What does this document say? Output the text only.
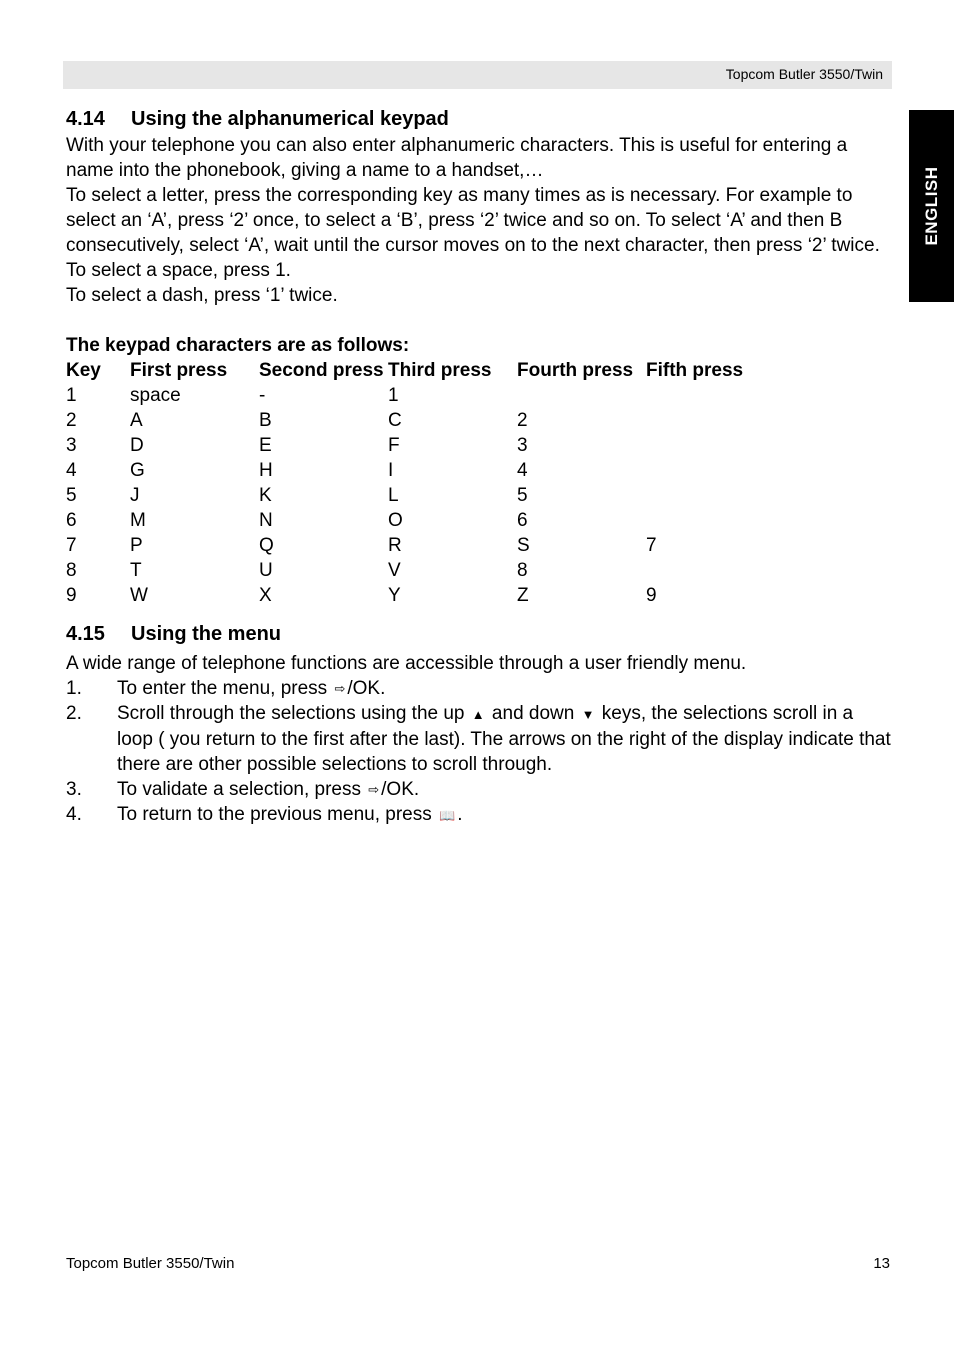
Topcom Butler 3550/Twin
ENGLISH
4.14 Using the alphanumerical keypad

With your telephone you can also enter alphanumeric characters. This is useful for entering a name into the phonebook, giving a name to a handset,…

To select a letter, press the corresponding key as many times as is necessary. For example to select an ‘A’, press ‘2’ once, to select a ‘B’, press ‘2’ twice and so on. To select ‘A’ and then B consecutively, select ‘A’, wait until the cursor moves on to the next character, then press ‘2’ twice.

To select a space, press 1.

To select a dash, press ‘1’ twice.

The keypad characters are as follows:

Key	First press	Second press	Third press	Fourth press	Fifth press
1	space	-	1		
2	A	B	C	2	
3	D	E	F	3	
4	G	H	I	4	
5	J	K	L	5	
6	M	N	O	6	
7	P	Q	R	S	7
8	T	U	V	8	
9	W	X	Y	Z	9
4.15 Using the menu

A wide range of telephone functions are accessible through a user friendly menu.

1.	To enter the menu, press ⇨ /OK.
2.	Scroll through the selections using the up ▲ and down ▼ keys, the selections scroll in a loop ( you return to the first after the last). The arrows on the right of the display indicate that there are other possible selections to scroll through.
3.	To validate a selection, press ⇨ /OK.
4.	To return to the previous menu, press 📖 .
Topcom Butler 3550/Twin	13
